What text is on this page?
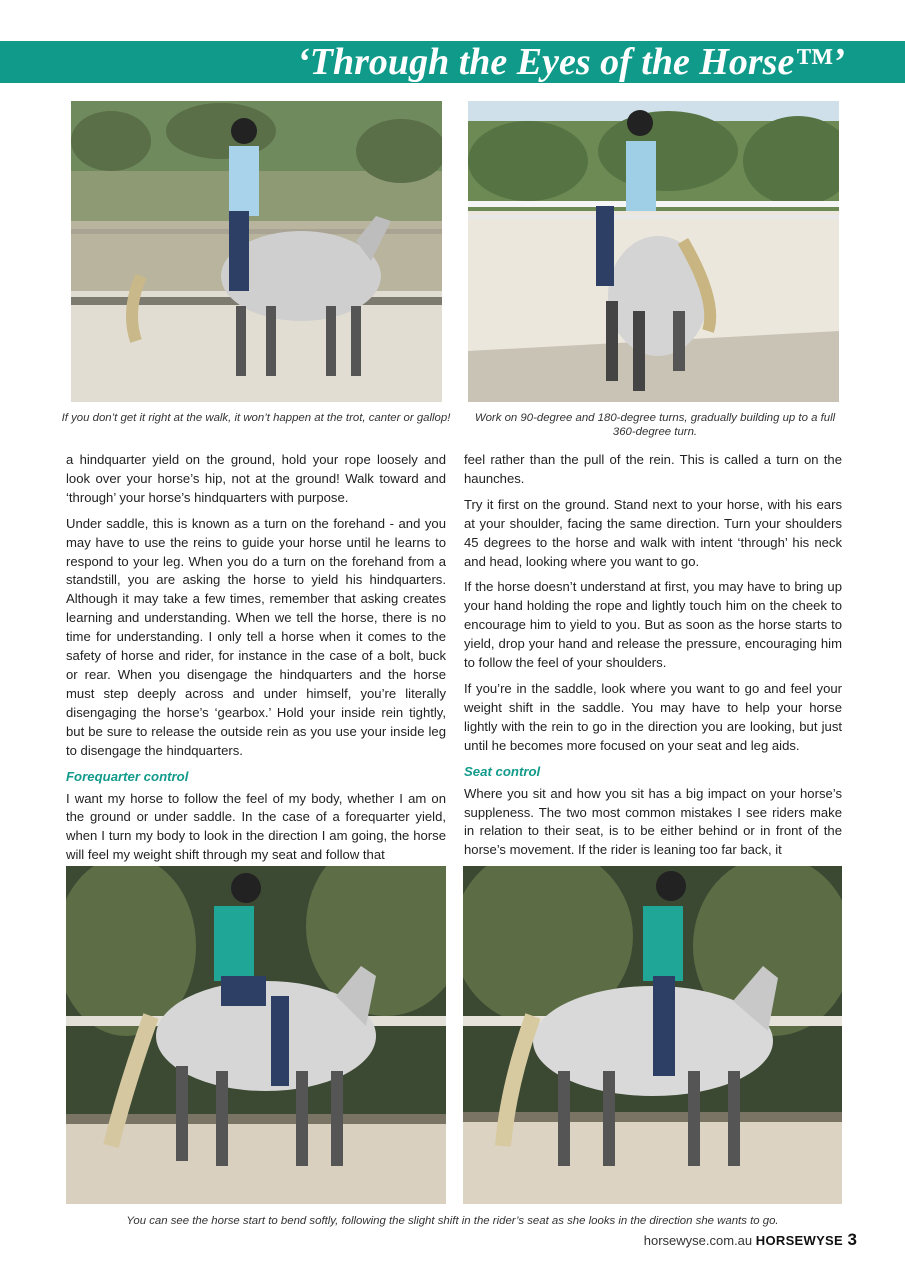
‘Through the Eyes of the Horse™’
If you don’t get it right at the walk, it won’t happen at the trot, canter or gallop!	Work on 90-degree and 180-degree turns, gradually building up to a full 360-degree turn.

a hindquarter yield on the ground, hold your rope loosely and look over your horse’s hip, not at the ground! Walk toward and ‘through’ your horse’s hindquarters with purpose.

Under saddle, this is known as a turn on the forehand - and you may have to use the reins to guide your horse until he learns to respond to your leg. When you do a turn on the forehand from a standstill, you are asking the horse to yield his hindquarters. Although it may take a few times, remember that asking creates learning and understanding. When we tell the horse, there is no time for understanding. I only tell a horse when it comes to the safety of horse and rider, for instance in the case of a bolt, buck or rear. When you disengage the hindquarters and the horse must step deeply across and under himself, you’re literally disengaging the horse’s ‘gearbox.’ Hold your inside rein tightly, but be sure to release the outside rein as you use your inside leg to disengage the hindquarters.

Forequarter control

I want my horse to follow the feel of my body, whether I am on the ground or under saddle. In the case of a forequarter yield, when I turn my body to look in the direction I am going, the horse will feel my weight shift through my seat and follow that

feel rather than the pull of the rein. This is called a turn on the haunches.

Try it first on the ground. Stand next to your horse, with his ears at your shoulder, facing the same direction. Turn your shoulders 45 degrees to the horse and walk with intent ‘through’ his neck and head, looking where you want to go.

If the horse doesn’t understand at first, you may have to bring up your hand holding the rope and lightly touch him on the cheek to encourage him to yield to you. But as soon as the horse starts to yield, drop your hand and release the pressure, encouraging him to follow the feel of your shoulders.

If you’re in the saddle, look where you want to go and feel your weight shift in the saddle. You may have to help your horse lightly with the rein to go in the direction you are looking, but just until he becomes more focused on your seat and leg aids.

Seat control

Where you sit and how you sit has a big impact on your horse’s suppleness. The two most common mistakes I see riders make in relation to their seat, is to be either behind or in front of the horse’s movement. If the rider is leaning too far back, it

You can see the horse start to bend softly, following the slight shift in the rider’s seat as she looks in the direction she wants to go.
horsewyse.com.au HORSEWYSE 3
